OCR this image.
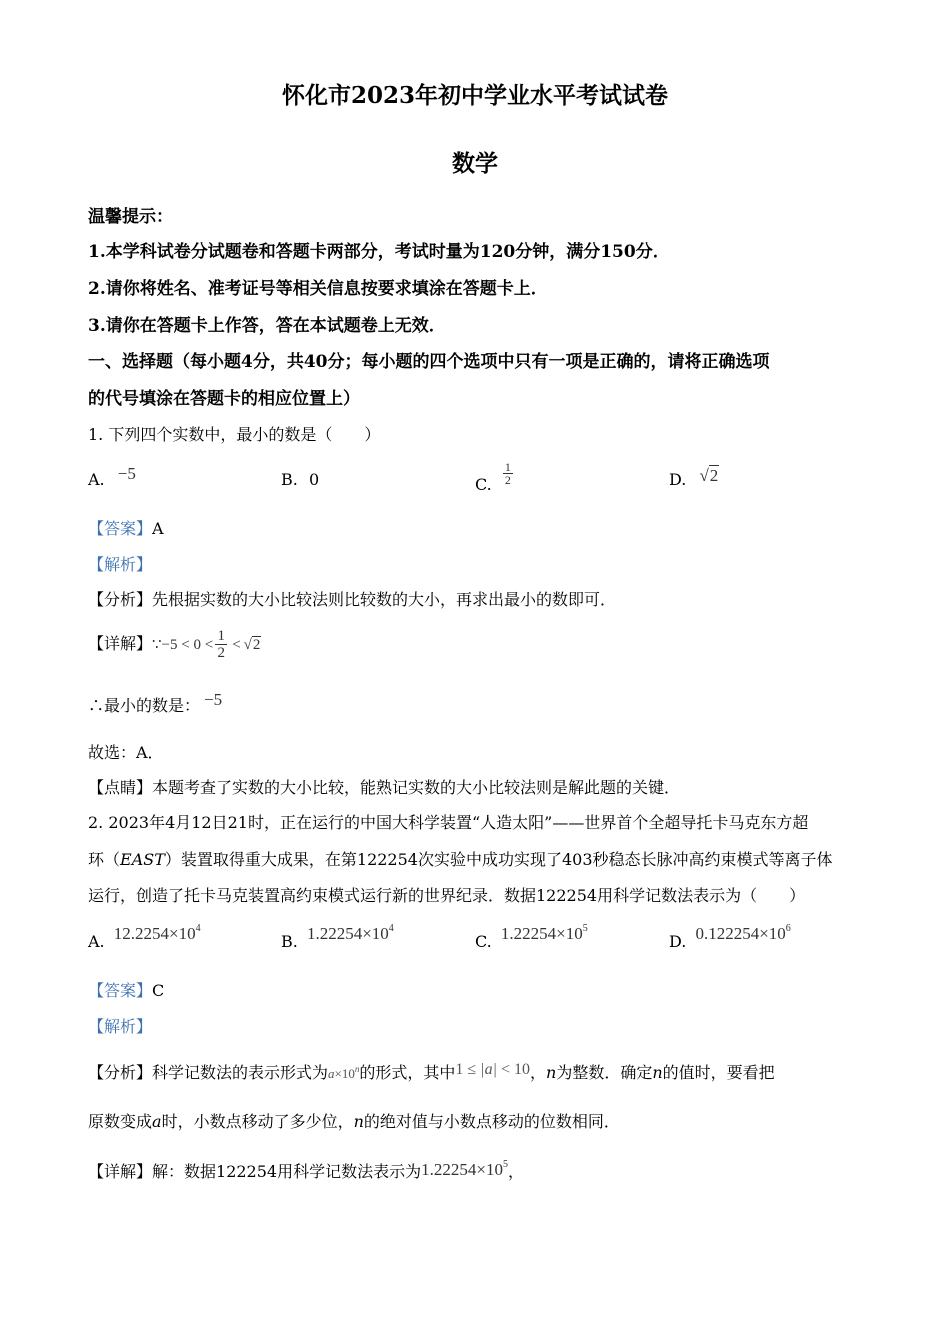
怀化市2023年初中学业水平考试试卷
数学
温馨提示：
1.本学科试卷分试题卷和答题卡两部分，考试时量为120分钟，满分150分．
2.请你将姓名、准考证号等相关信息按要求填涂在答题卡上．
3.请你在答题卡上作答，答在本试题卷上无效．
一、选择题（每小题4分，共40分；每小题的四个选项中只有一项是正确的，请将正确选项
的代号填涂在答题卡的相应位置上）
1. 下列四个实数中，最小的数是（　　）
A. −5	B. 0	C. $\frac{1}{2}$	D. √2
【答案】A
【解析】
【分析】先根据实数的大小比较法则比较数的大小，再求出最小的数即可．
【详解】∵−5 < $0 < \frac{1}{2} < √2$
∴最小的数是： −5
故选：A．
【点睛】本题考查了实数的大小比较，能熟记实数的大小比较法则是解此题的关键．
2. 2023年4月12日21时，正在运行的中国大科学装置“人造太阳”——世界首个全超导托卡马克东方超
环（EAST）装置取得重大成果，在第122254次实验中成功实现了403秒稳态长脉冲高约束模式等离子体
运行，创造了托卡马克装置高约束模式运行新的世界纪录．数据122254用科学记数法表示为（　　）
A. $12.2254\times 10^4$
B. $1.22254\times 10^4$
C. $1.22254\times 10^5$
D. $0.122254\times 10^6$
【答案】C
【解析】
【分析】科学记数法的表示形式为$a\times 10^n$的形式，其中1 ≤ |a| < 10，n为整数．确定n的值时，要看把
原数变成a时，小数点移动了多少位，n的绝对值与小数点移动的位数相同．
【详解】解：数据122254用科学记数法表示为$1.22254\times 10^5$，
